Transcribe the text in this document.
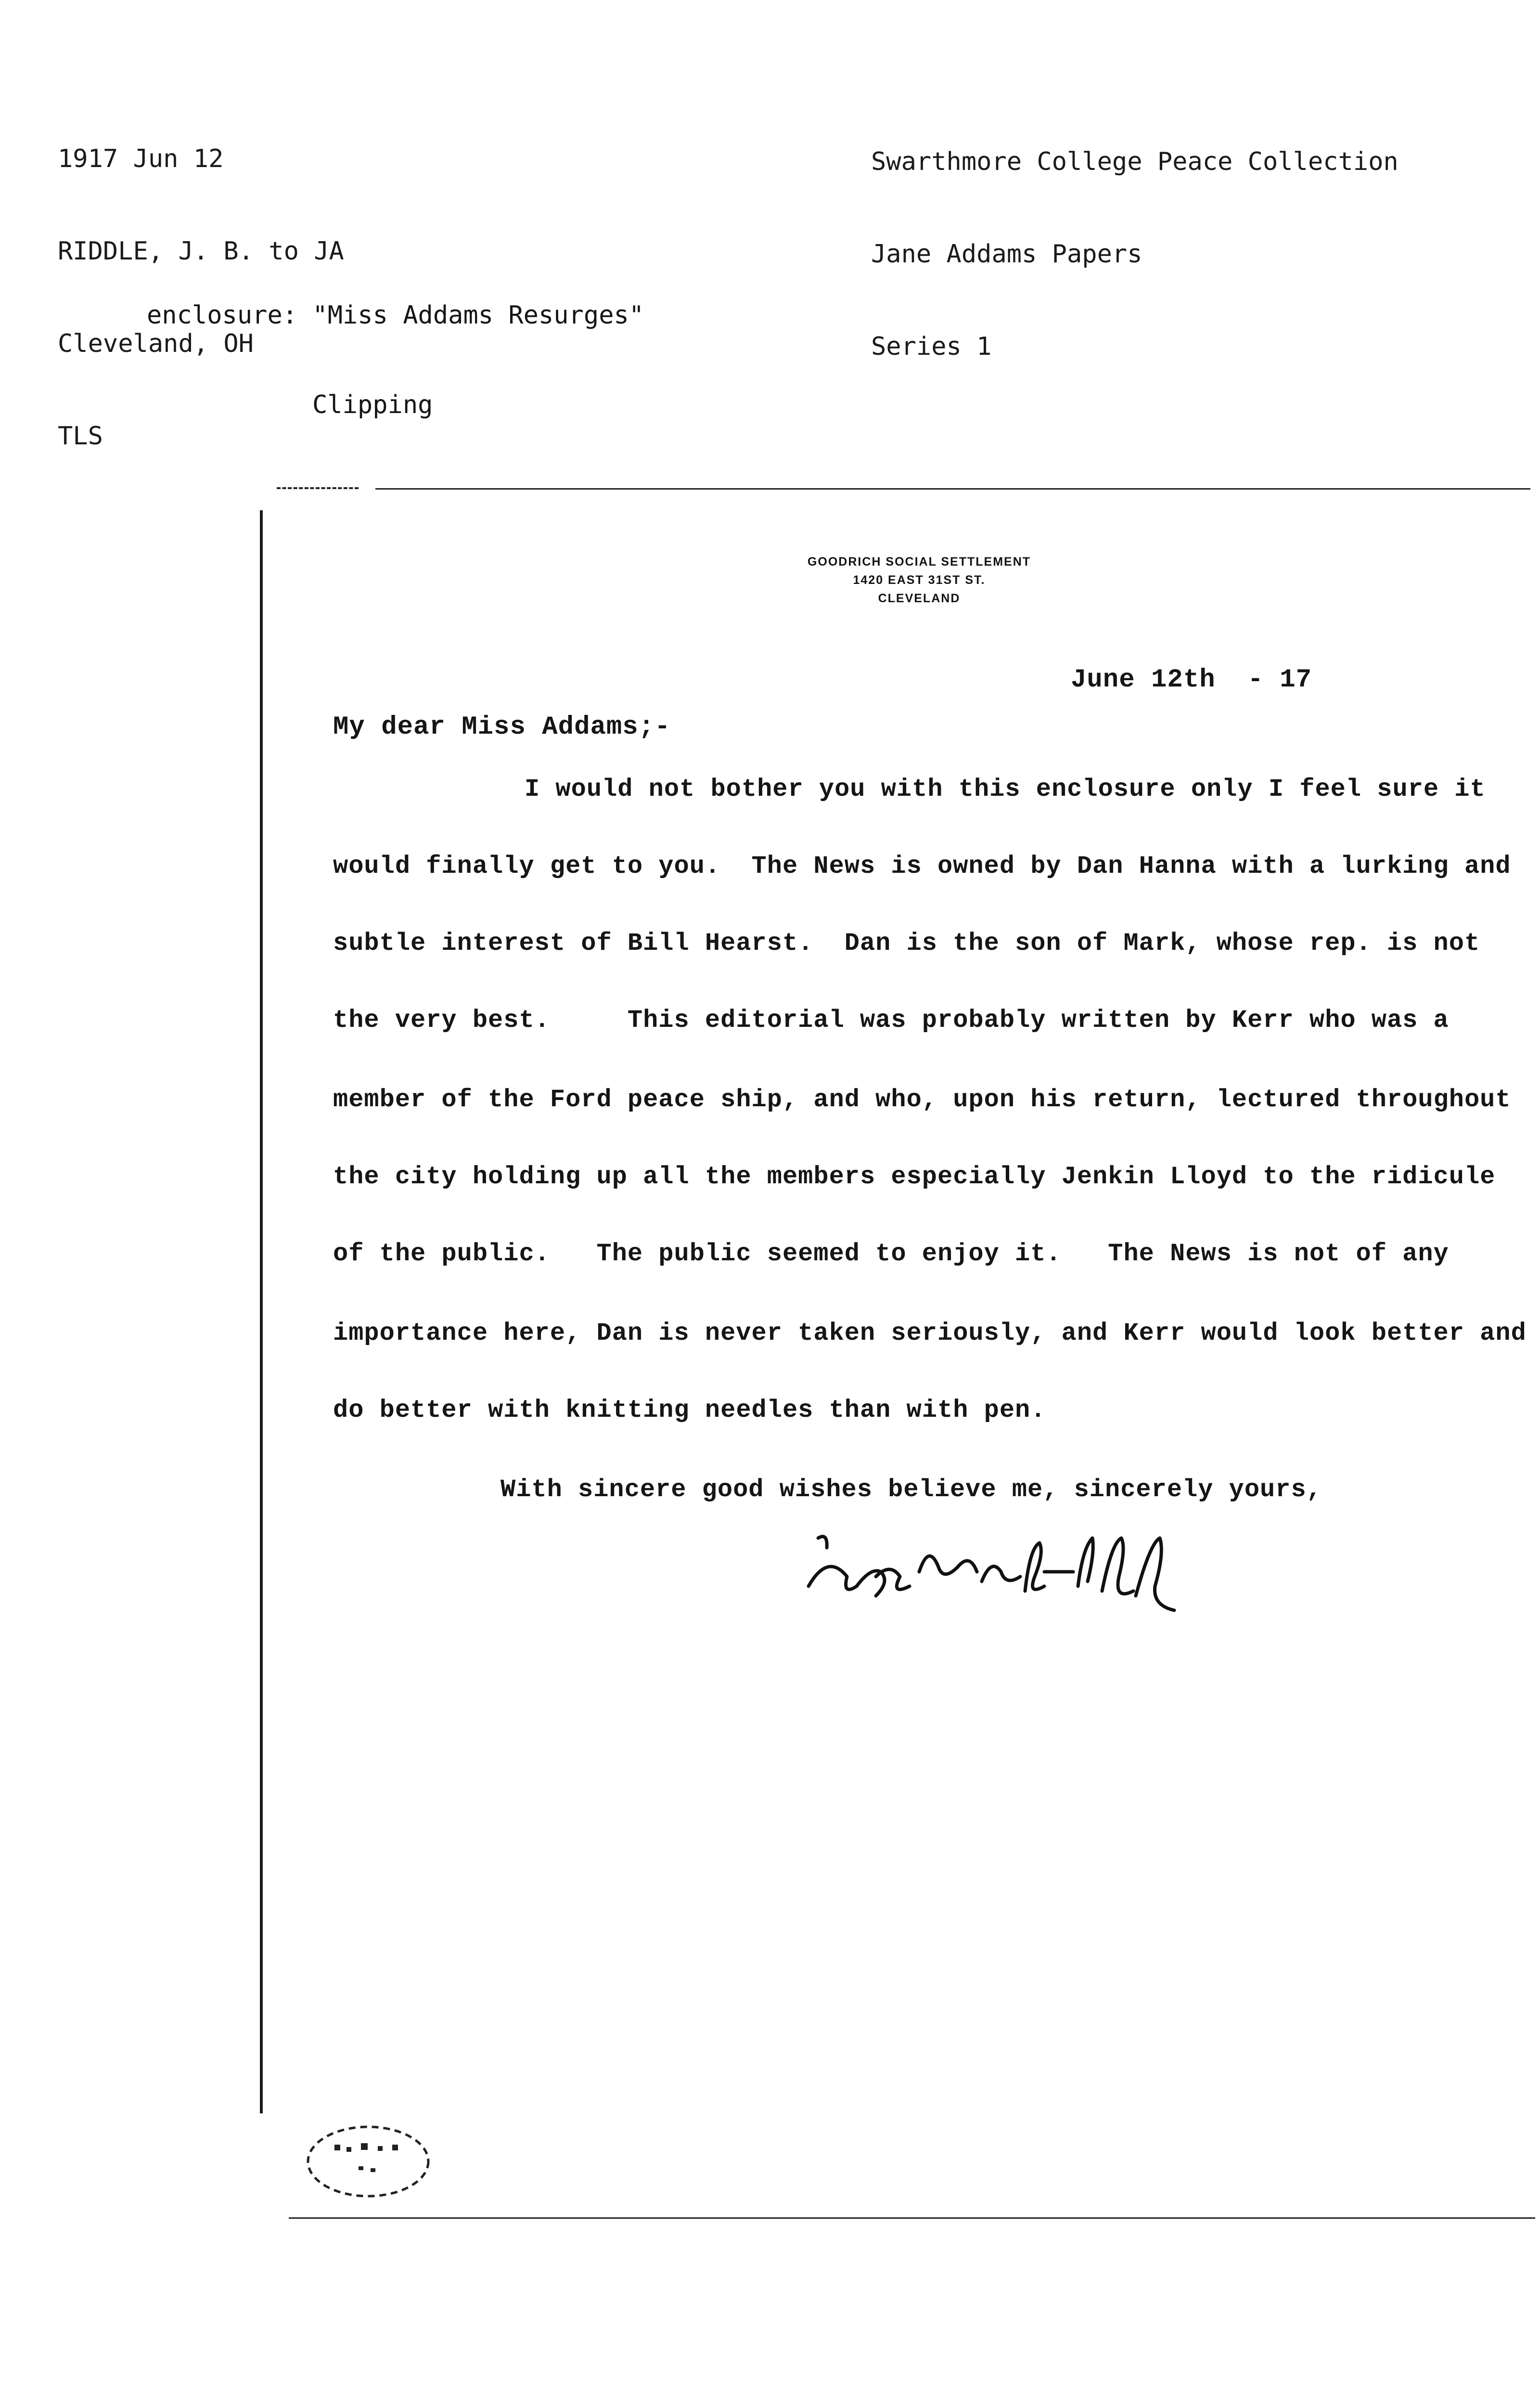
1917 Jun 12

RIDDLE, J. B. to JA

Cleveland, OH

TLS

Swarthmore College Peace Collection

Jane Addams Papers

Series 1

enclosure: "Miss Addams Resurges"

Clipping

GOODRICH SOCIAL SETTLEMENT
1420 EAST 31ST ST.
CLEVELAND
June 12th  - 17
My dear Miss Addams;-
I would not bother you with this enclosure only I feel sure it
would finally get to you.  The News is owned by Dan Hanna with a lurking and
subtle interest of Bill Hearst.  Dan is the son of Mark, whose rep. is not
the very best.     This editorial was probably written by Kerr who was a
member of the Ford peace ship, and who, upon his return, lectured throughout
the city holding up all the members especially Jenkin Lloyd to the ridicule
of the public.   The public seemed to enjoy it.   The News is not of any
importance here, Dan is never taken seriously, and Kerr would look better and
do better with knitting needles than with pen.
With sincere good wishes believe me, sincerely yours,
